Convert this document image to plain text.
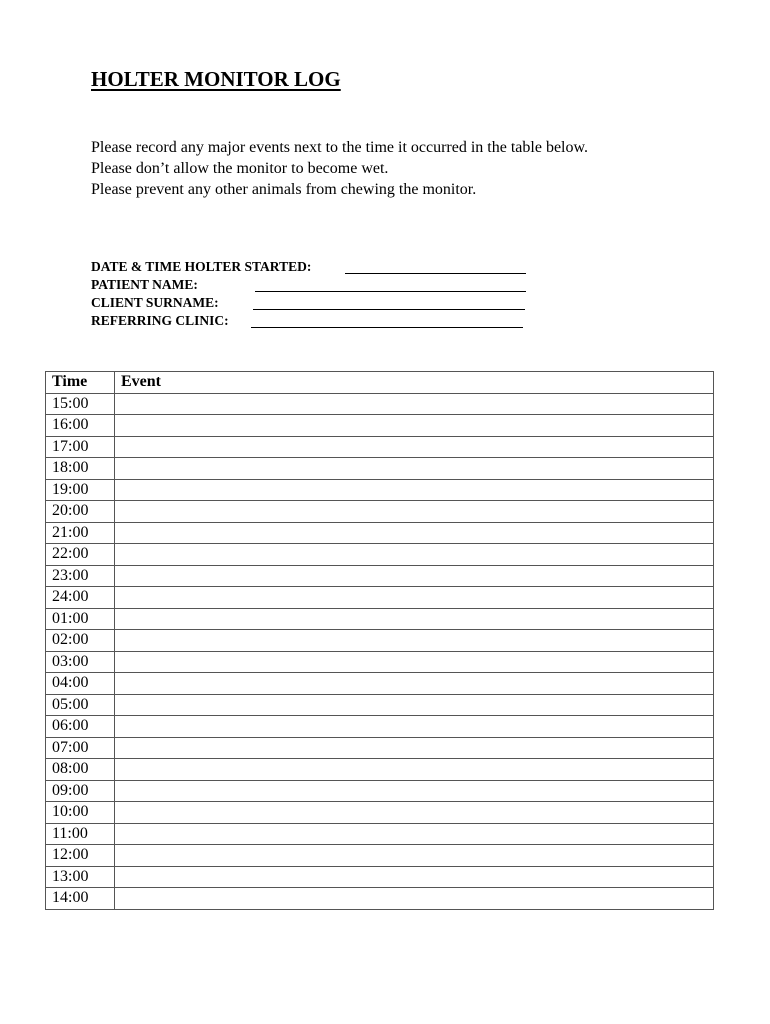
HOLTER MONITOR LOG
Please record any major events next to the time it occurred in the table below.
Please don’t allow the monitor to become wet.
Please prevent any other animals from chewing the monitor.
DATE & TIME HOLTER STARTED:
PATIENT NAME:
CLIENT SURNAME:
REFERRING CLINIC:
Time	Event
15:00	
16:00	
17:00	
18:00	
19:00	
20:00	
21:00	
22:00	
23:00	
24:00	
01:00	
02:00	
03:00	
04:00	
05:00	
06:00	
07:00	
08:00	
09:00	
10:00	
11:00	
12:00	
13:00	
14:00	
